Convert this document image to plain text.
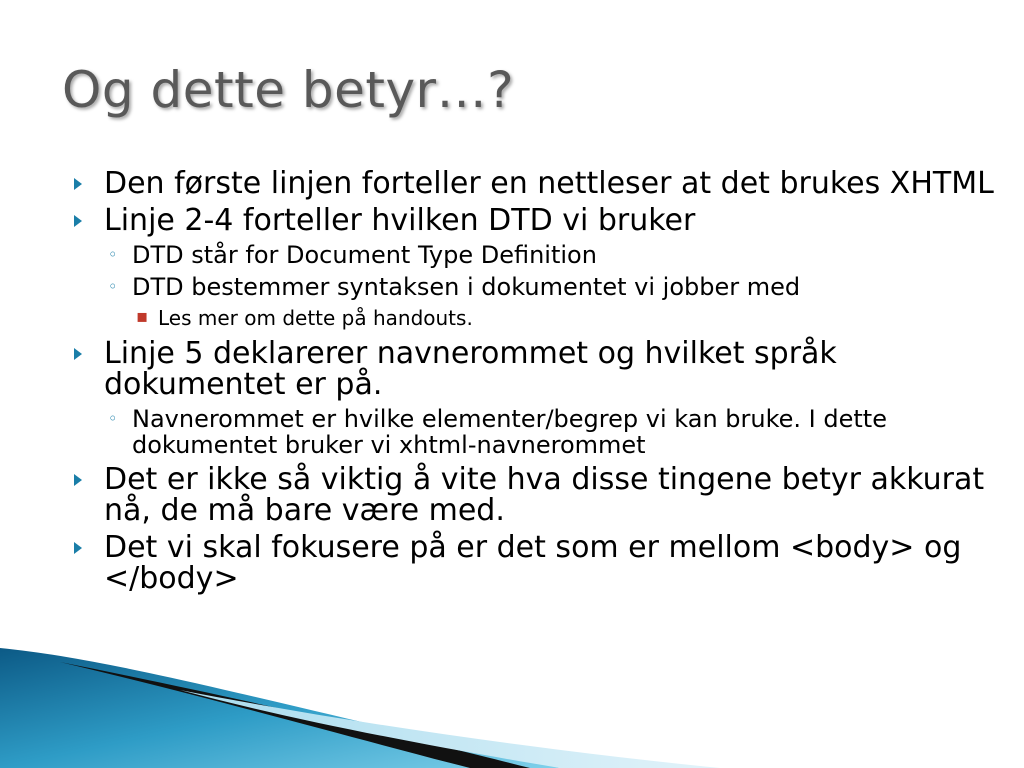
Og dette betyr…?
Den første linjen forteller en nettleser at det brukes XHTML
Linje 2-4 forteller hvilken DTD vi bruker
◦ DTD står for Document Type Definition
◦ DTD bestemmer syntaksen i dokumentet vi jobber med
▪ Les mer om dette på handouts.
Linje 5 deklarerer navnerommet og hvilket språk dokumentet er på.
◦ Navnerommet er hvilke elementer/begrep vi kan bruke. I dette dokumentet bruker vi xhtml-navnerommet
Det er ikke så viktig å vite hva disse tingene betyr akkurat nå, de må bare være med.
Det vi skal fokusere på er det som er mellom <body> og </body>
